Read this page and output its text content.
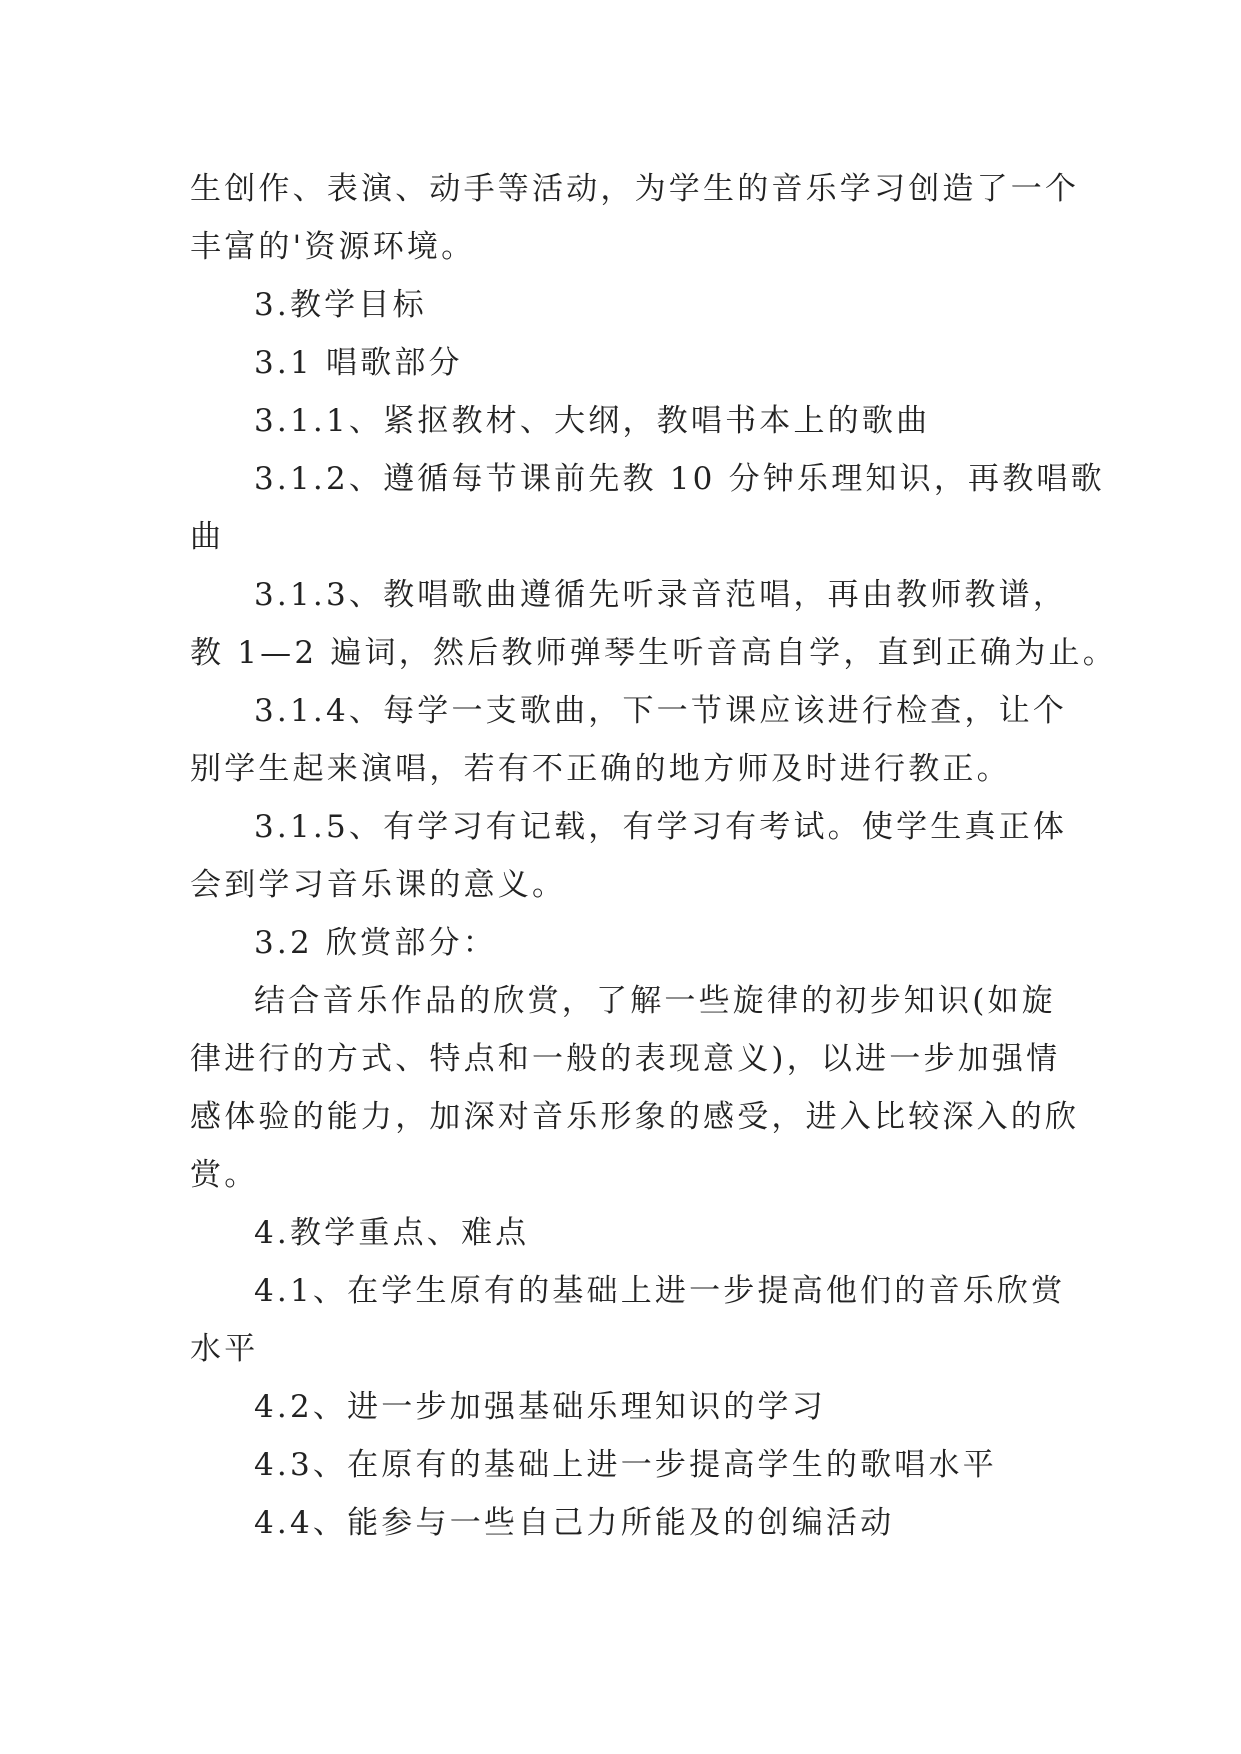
生创作、表演、动手等活动，为学生的音乐学习创造了一个
丰富的'资源环境。
3.教学目标
3.1 唱歌部分
3.1.1、紧抠教材、大纲，教唱书本上的歌曲
3.1.2、遵循每节课前先教 10 分钟乐理知识，再教唱歌
曲
3.1.3、教唱歌曲遵循先听录音范唱，再由教师教谱，
教 1—2 遍词，然后教师弹琴生听音高自学，直到正确为止。
3.1.4、每学一支歌曲，下一节课应该进行检查，让个
别学生起来演唱，若有不正确的地方师及时进行教正。
3.1.5、有学习有记载，有学习有考试。使学生真正体
会到学习音乐课的意义。
3.2 欣赏部分：
结合音乐作品的欣赏，了解一些旋律的初步知识(如旋
律进行的方式、特点和一般的表现意义)，以进一步加强情
感体验的能力，加深对音乐形象的感受，进入比较深入的欣
赏。
4.教学重点、难点
4.1、在学生原有的基础上进一步提高他们的音乐欣赏
水平
4.2、进一步加强基础乐理知识的学习
4.3、在原有的基础上进一步提高学生的歌唱水平
4.4、能参与一些自己力所能及的创编活动
